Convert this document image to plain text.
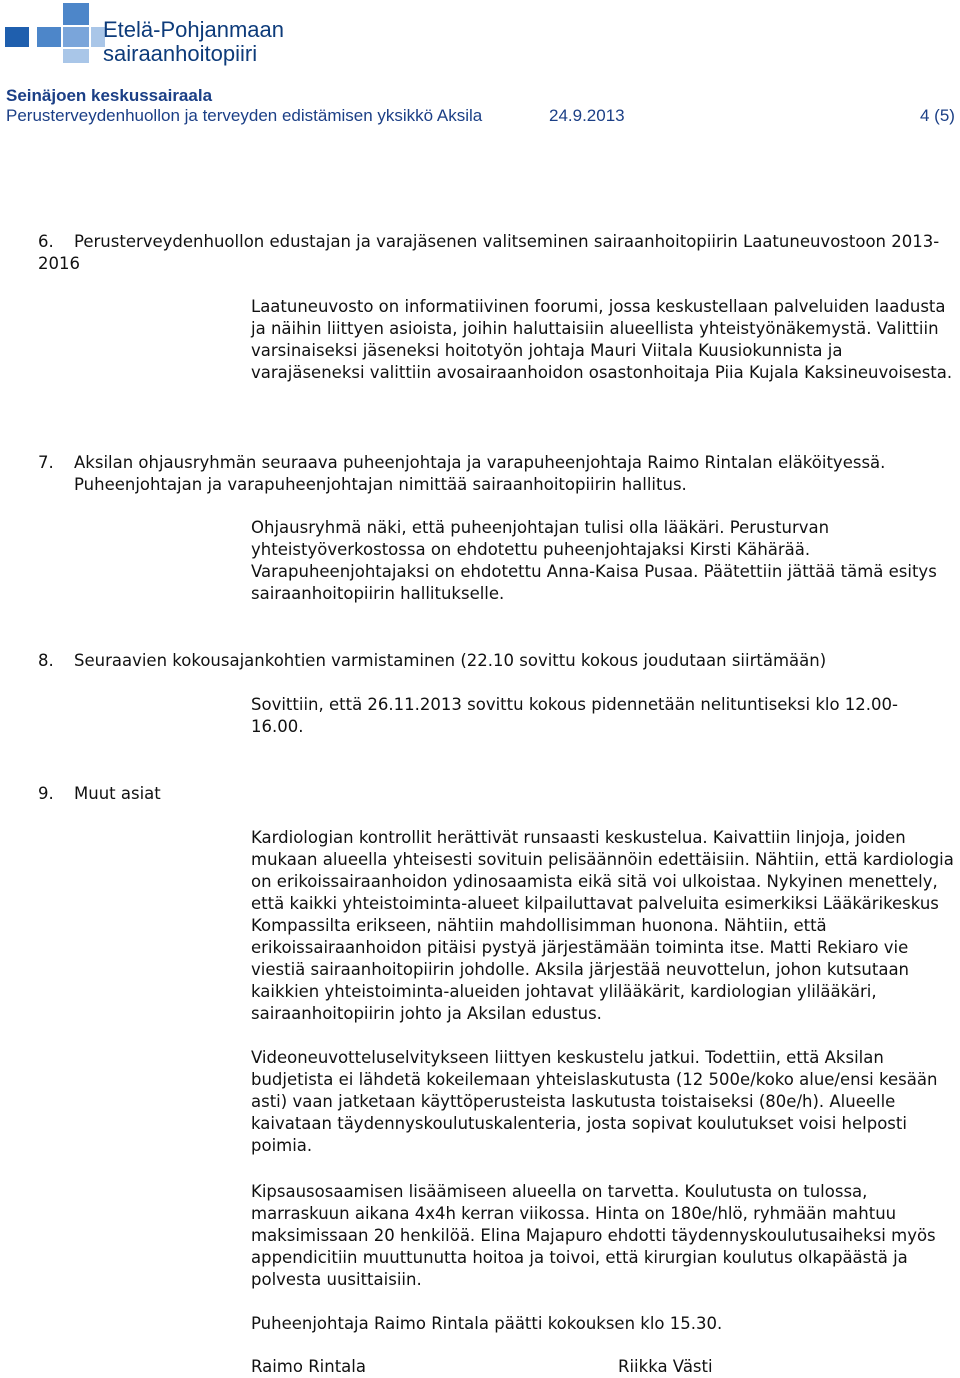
Etelä-Pohjanmaan
sairaanhoitopiiri
Seinäjoen keskussairaala
Perusterveydenhuollon ja terveyden edistämisen yksikkö Aksila	24.9.2013	4 (5)
6.	Perusterveydenhuollon edustajan ja varajäsenen valitseminen sairaanhoitopiirin Laatuneuvostoon 2013-2016
Laatuneuvosto on informatiivinen foorumi, jossa keskustellaan palveluiden laadusta ja näihin liittyen asioista, joihin haluttaisiin alueellista yhteistyönäkemystä. Valittiin varsinaiseksi jäseneksi hoitotyön johtaja Mauri Viitala Kuusiokunnista ja varajäseneksi valittiin avosairaanhoidon osastonhoitaja Piia Kujala Kaksineuvoisesta.
7. Aksilan ohjausryhmän seuraava puheenjohtaja ja varapuheenjohtaja Raimo Rintalan eläköityessä. Puheenjohtajan ja varapuheenjohtajan nimittää sairaanhoitopiirin hallitus.
Ohjausryhmä näki, että puheenjohtajan tulisi olla lääkäri. Perusturvan yhteistyöverkostossa on ehdotettu puheenjohtajaksi Kirsti Kähärää. Varapuheenjohtajaksi on ehdotettu Anna-Kaisa Pusaa. Päätettiin jättää tämä esitys sairaanhoitopiirin hallitukselle.
8. Seuraavien kokousajankohtien varmistaminen (22.10 sovittu kokous joudutaan siirtämään)
Sovittiin, että 26.11.2013 sovittu kokous pidennetään nelituntiseksi klo 12.00-16.00.
9. Muut asiat
Kardiologian kontrollit herättivät runsaasti keskustelua. Kaivattiin linjoja, joiden mukaan alueella yhteisesti sovituin pelisäännöin edettäisiin. Nähtiin, että kardiologia on erikoissairaanhoidon ydinosaamista eikä sitä voi ulkoistaa. Nykyinen menettely, että kaikki yhteistoiminta-alueet kilpailuttavat palveluita esimerkiksi Lääkärikeskus Kompassilta erikseen, nähtiin mahdollisimman huonona. Nähtiin, että erikoissairaanhoidon pitäisi pystyä järjestämään toiminta itse. Matti Rekiaro vie viestiä sairaanhoitopiirin johdolle. Aksila järjestää neuvottelun, johon kutsutaan kaikkien yhteistoiminta-alueiden johtavat ylilääkärit, kardiologian ylilääkäri, sairaanhoitopiirin johto ja Aksilan edustus.
Videoneuvotteluselvitykseen liittyen keskustelu jatkui. Todettiin, että Aksilan budjetista ei lähdetä kokeilemaan yhteislaskutusta (12 500e/koko alue/ensi kesään asti) vaan jatketaan käyttöperusteista laskutusta toistaiseksi (80e/h). Alueelle kaivataan täydennyskoulutuskalenteria, josta sopivat koulutukset voisi helposti poimia.
Kipsausosaamisen lisäämiseen alueella on tarvetta. Koulutusta on tulossa, marraskuun aikana 4x4h kerran viikossa. Hinta on 180e/hlö, ryhmään mahtuu maksimissaan 20 henkilöä. Elina Majapuro ehdotti täydennyskoulutusaiheksi myös appendicitiin muuttunutta hoitoa ja toivoi, että kirurgian koulutus olkapäästä ja polvesta uusittaisiin.
Puheenjohtaja Raimo Rintala päätti kokouksen klo 15.30.
Raimo Rintala	Riikka Västi
